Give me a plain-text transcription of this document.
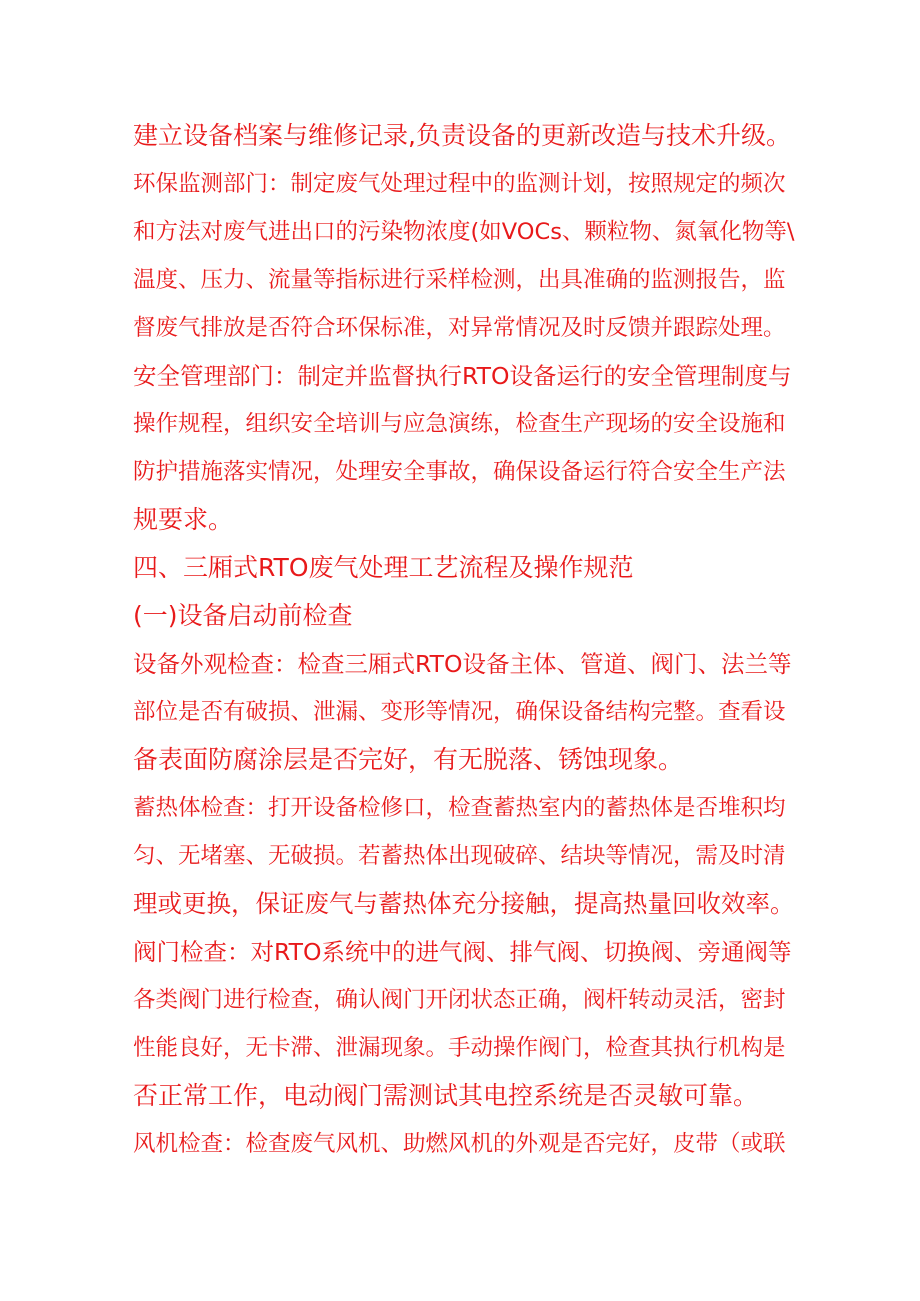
建立设备档案与维修记录,负责设备的更新改造与技术升级。
环保监测部门：制定废气处理过程中的监测计划，按照规定的频次
和方法对废气进出口的污染物浓度(如VOCs、颗粒物、氮氧化物等\
温度、压力、流量等指标进行采样检测，出具准确的监测报告，监
督废气排放是否符合环保标准，对异常情况及时反馈并跟踪处理。
安全管理部门：制定并监督执行RTO设备运行的安全管理制度与
操作规程，组织安全培训与应急演练，检查生产现场的安全设施和
防护措施落实情况，处理安全事故，确保设备运行符合安全生产法
规要求。
四、三厢式RTO废气处理工艺流程及操作规范
(一)设备启动前检查
设备外观检查：检查三厢式RTO设备主体、管道、阀门、法兰等
部位是否有破损、泄漏、变形等情况，确保设备结构完整。查看设
备表面防腐涂层是否完好，有无脱落、锈蚀现象。
蓄热体检查：打开设备检修口，检查蓄热室内的蓄热体是否堆积均
匀、无堵塞、无破损。若蓄热体出现破碎、结块等情况，需及时清
理或更换，保证废气与蓄热体充分接触，提高热量回收效率。
阀门检查：对RTO系统中的进气阀、排气阀、切换阀、旁通阀等
各类阀门进行检查，确认阀门开闭状态正确，阀杆转动灵活，密封
性能良好，无卡滞、泄漏现象。手动操作阀门，检查其执行机构是
否正常工作，电动阀门需测试其电控系统是否灵敏可靠。
风机检查：检查废气风机、助燃风机的外观是否完好，皮带（或联
